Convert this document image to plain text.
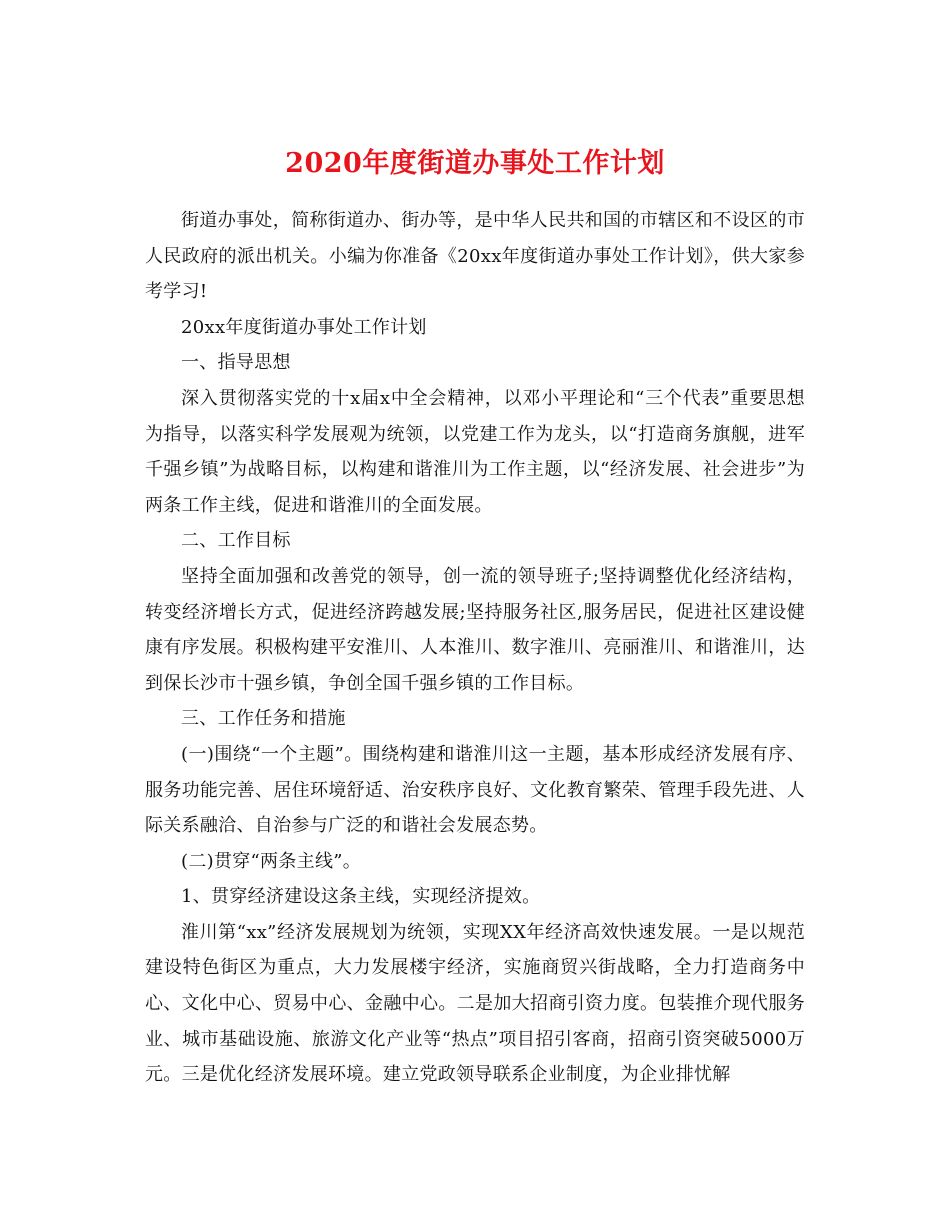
2020年度街道办事处工作计划

街道办事处，简称街道办、街办等，是中华人民共和国的市辖区和不设区的市人民政府的派出机关。小编为你准备《20xx年度街道办事处工作计划》，供大家参考学习!

20xx年度街道办事处工作计划

一、指导思想

深入贯彻落实党的十x届x中全会精神，以邓小平理论和“三个代表”重要思想为指导，以落实科学发展观为统领，以党建工作为龙头，以“打造商务旗舰，进军千强乡镇”为战略目标，以构建和谐淮川为工作主题，以“经济发展、社会进步”为两条工作主线，促进和谐淮川的全面发展。

二、工作目标

坚持全面加强和改善党的领导，创一流的领导班子;坚持调整优化经济结构，转变经济增长方式，促进经济跨越发展;坚持服务社区,服务居民，促进社区建设健康有序发展。积极构建平安淮川、人本淮川、数字淮川、亮丽淮川、和谐淮川，达到保长沙市十强乡镇，争创全国千强乡镇的工作目标。

三、工作任务和措施

(一)围绕“一个主题”。围绕构建和谐淮川这一主题，基本形成经济发展有序、服务功能完善、居住环境舒适、治安秩序良好、文化教育繁荣、管理手段先进、人际关系融洽、自治参与广泛的和谐社会发展态势。

(二)贯穿“两条主线”。

1、贯穿经济建设这条主线，实现经济提效。

淮川第“xx”经济发展规划为统领，实现XX年经济高效快速发展。一是以规范建设特色街区为重点，大力发展楼宇经济，实施商贸兴街战略，全力打造商务中心、文化中心、贸易中心、金融中心。二是加大招商引资力度。包装推介现代服务业、城市基础设施、旅游文化产业等“热点”项目招引客商，招商引资突破5000万元。三是优化经济发展环境。建立党政领导联系企业制度，为企业排忧解
